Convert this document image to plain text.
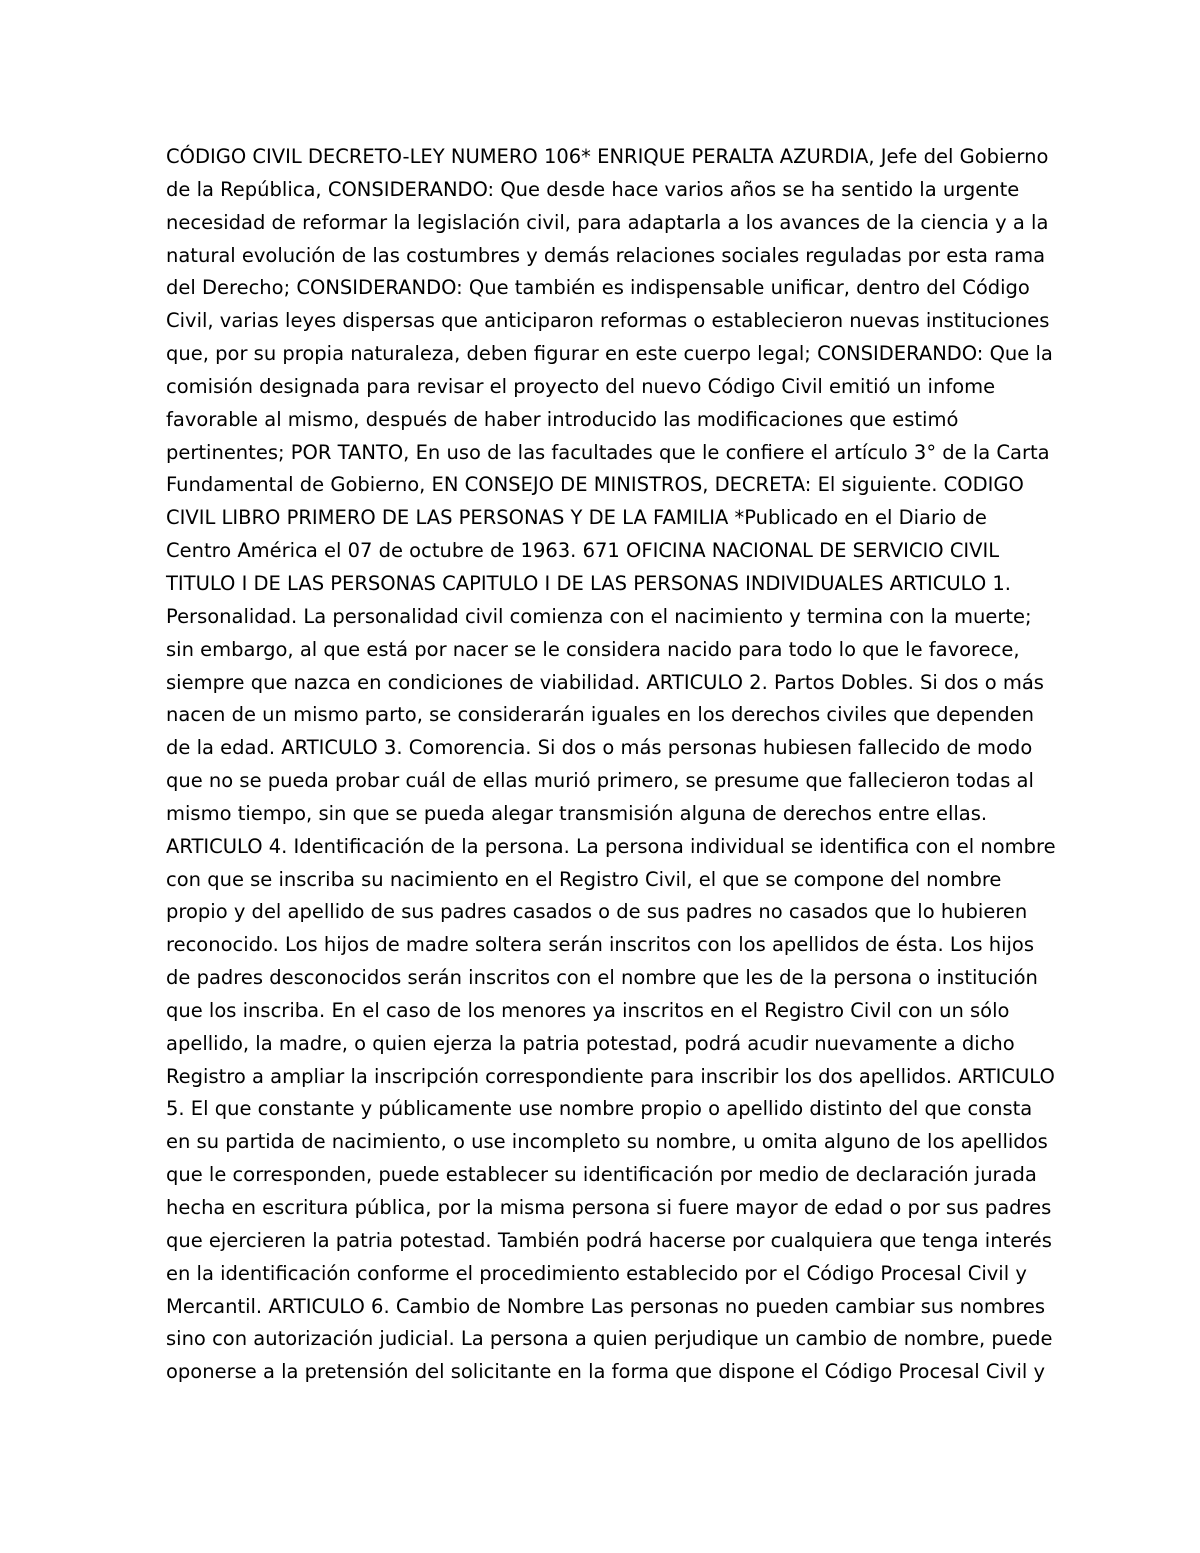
CÓDIGO CIVIL DECRETO-LEY NUMERO 106* ENRIQUE PERALTA AZURDIA, Jefe del Gobierno
de la República, CONSIDERANDO: Que desde hace varios años se ha sentido la urgente
necesidad de reformar la legislación civil, para adaptarla a los avances de la ciencia y a la
natural evolución de las costumbres y demás relaciones sociales reguladas por esta rama
del Derecho; CONSIDERANDO: Que también es indispensable unificar, dentro del Código
Civil, varias leyes dispersas que anticiparon reformas o establecieron nuevas instituciones
que, por su propia naturaleza, deben figurar en este cuerpo legal; CONSIDERANDO: Que la
comisión designada para revisar el proyecto del nuevo Código Civil emitió un infome
favorable al mismo, después de haber introducido las modificaciones que estimó
pertinentes; POR TANTO, En uso de las facultades que le confiere el artículo 3° de la Carta
Fundamental de Gobierno, EN CONSEJO DE MINISTROS, DECRETA: El siguiente. CODIGO
CIVIL LIBRO PRIMERO DE LAS PERSONAS Y DE LA FAMILIA *Publicado en el Diario de
Centro América el 07 de octubre de 1963. 671 OFICINA NACIONAL DE SERVICIO CIVIL
TITULO I DE LAS PERSONAS CAPITULO I DE LAS PERSONAS INDIVIDUALES ARTICULO 1.
Personalidad. La personalidad civil comienza con el nacimiento y termina con la muerte;
sin embargo, al que está por nacer se le considera nacido para todo lo que le favorece,
siempre que nazca en condiciones de viabilidad. ARTICULO 2. Partos Dobles. Si dos o más
nacen de un mismo parto, se considerarán iguales en los derechos civiles que dependen
de la edad. ARTICULO 3. Comorencia. Si dos o más personas hubiesen fallecido de modo
que no se pueda probar cuál de ellas murió primero, se presume que fallecieron todas al
mismo tiempo, sin que se pueda alegar transmisión alguna de derechos entre ellas.
ARTICULO 4. Identificación de la persona. La persona individual se identifica con el nombre
con que se inscriba su nacimiento en el Registro Civil, el que se compone del nombre
propio y del apellido de sus padres casados o de sus padres no casados que lo hubieren
reconocido. Los hijos de madre soltera serán inscritos con los apellidos de ésta. Los hijos
de padres desconocidos serán inscritos con el nombre que les de la persona o institución
que los inscriba. En el caso de los menores ya inscritos en el Registro Civil con un sólo
apellido, la madre, o quien ejerza la patria potestad, podrá acudir nuevamente a dicho
Registro a ampliar la inscripción correspondiente para inscribir los dos apellidos. ARTICULO
5. El que constante y públicamente use nombre propio o apellido distinto del que consta
en su partida de nacimiento, o use incompleto su nombre, u omita alguno de los apellidos
que le corresponden, puede establecer su identificación por medio de declaración jurada
hecha en escritura pública, por la misma persona si fuere mayor de edad o por sus padres
que ejercieren la patria potestad. También podrá hacerse por cualquiera que tenga interés
en la identificación conforme el procedimiento establecido por el Código Procesal Civil y
Mercantil. ARTICULO 6. Cambio de Nombre Las personas no pueden cambiar sus nombres
sino con autorización judicial. La persona a quien perjudique un cambio de nombre, puede
oponerse a la pretensión del solicitante en la forma que dispone el Código Procesal Civil y
